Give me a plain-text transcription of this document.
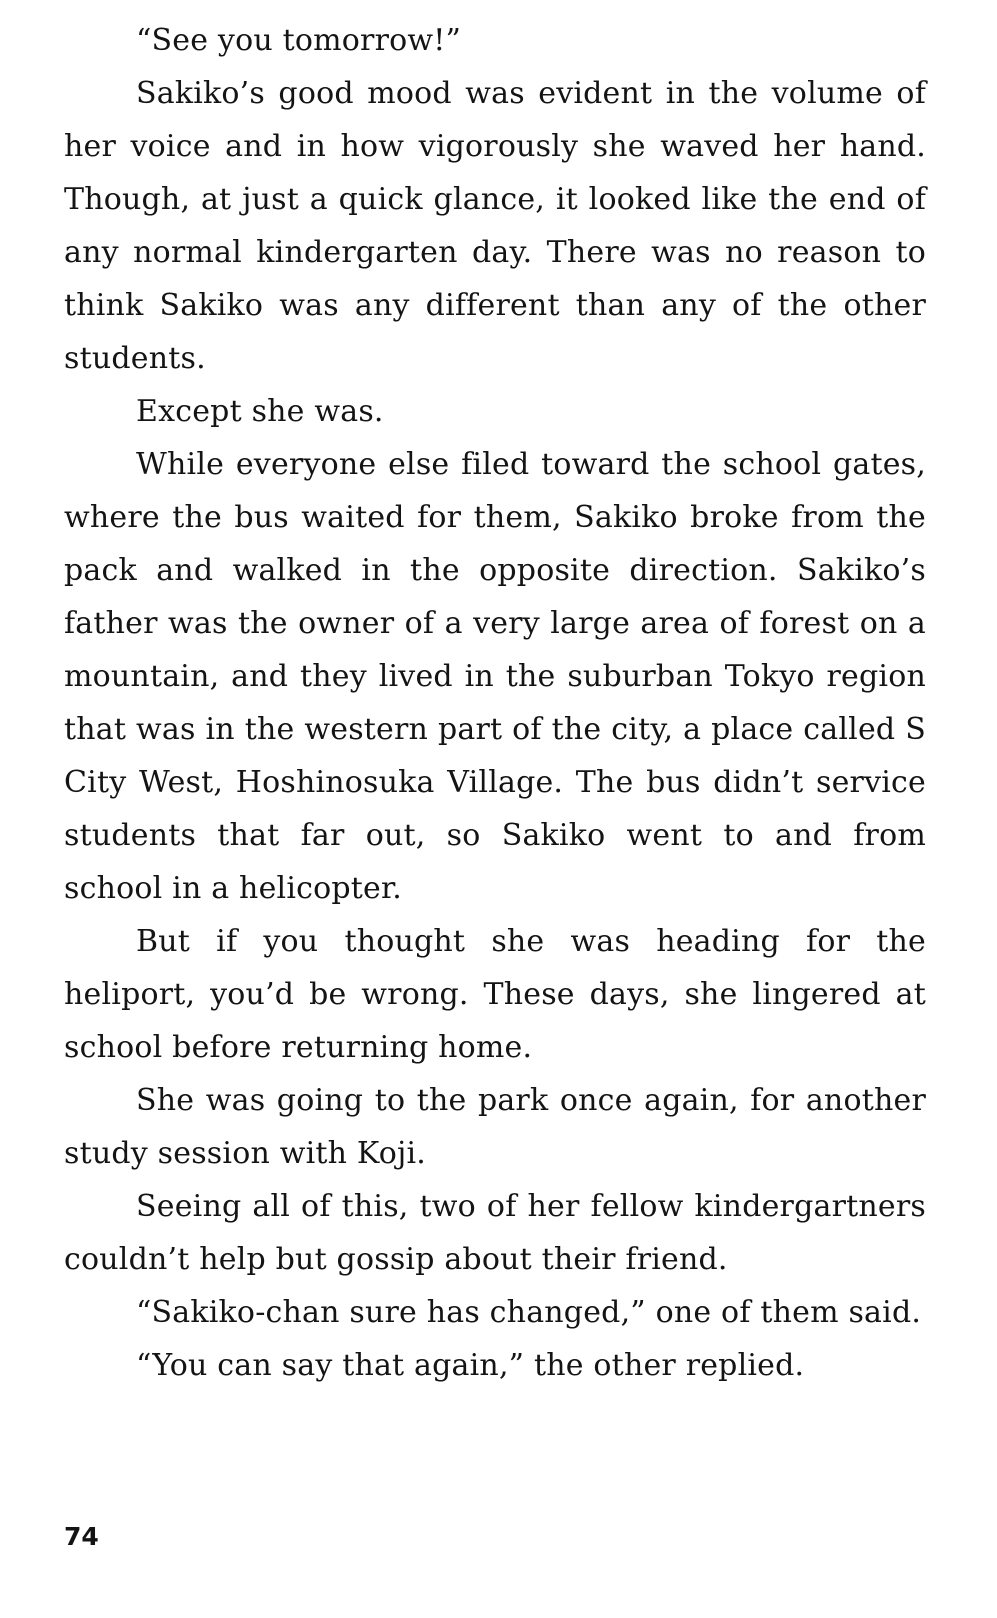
“See you tomorrow!”

Sakiko’s good mood was evident in the volume of her voice and in how vigorously she waved her hand. Though, at just a quick glance, it looked like the end of any normal kindergarten day. There was no reason to think Sakiko was any different than any of the other students.

Except she was.

While everyone else filed toward the school gates, where the bus waited for them, Sakiko broke from the pack and walked in the opposite direction. Sakiko’s father was the owner of a very large area of forest on a mountain, and they lived in the suburban Tokyo region that was in the western part of the city, a place called S City West, Hoshinosuka Village. The bus didn’t service students that far out, so Sakiko went to and from school in a helicopter.

But if you thought she was heading for the heliport, you’d be wrong. These days, she lingered at school before returning home.

She was going to the park once again, for another study session with Koji.

Seeing all of this, two of her fellow kindergartners couldn’t help but gossip about their friend.

“Sakiko-chan sure has changed,” one of them said.

“You can say that again,” the other replied.

74
